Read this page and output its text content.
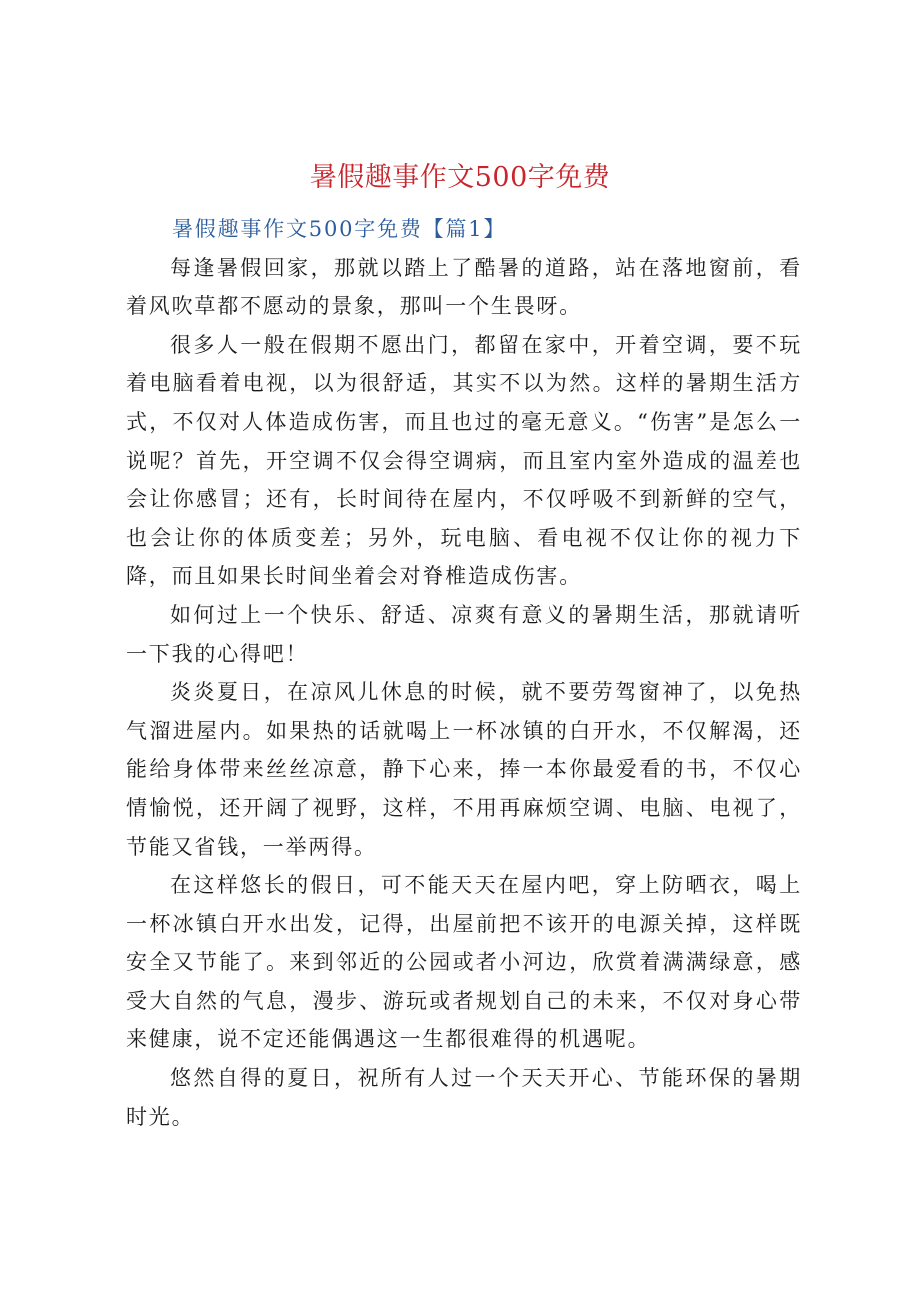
暑假趣事作文500字免费
暑假趣事作文500字免费【篇1】

每逢暑假回家，那就以踏上了酷暑的道路，站在落地窗前，看着风吹草都不愿动的景象，那叫一个生畏呀。

很多人一般在假期不愿出门，都留在家中，开着空调，要不玩着电脑看着电视，以为很舒适，其实不以为然。这样的暑期生活方式，不仅对人体造成伤害，而且也过的毫无意义。“伤害”是怎么一说呢？首先，开空调不仅会得空调病，而且室内室外造成的温差也会让你感冒；还有，长时间待在屋内，不仅呼吸不到新鲜的空气，也会让你的体质变差；另外，玩电脑、看电视不仅让你的视力下降，而且如果长时间坐着会对脊椎造成伤害。

如何过上一个快乐、舒适、凉爽有意义的暑期生活，那就请听一下我的心得吧！

炎炎夏日，在凉风儿休息的时候，就不要劳驾窗神了，以免热气溜进屋内。如果热的话就喝上一杯冰镇的白开水，不仅解渴，还能给身体带来丝丝凉意，静下心来，捧一本你最爱看的书，不仅心情愉悦，还开阔了视野，这样，不用再麻烦空调、电脑、电视了，节能又省钱，一举两得。

在这样悠长的假日，可不能天天在屋内吧，穿上防晒衣，喝上一杯冰镇白开水出发，记得，出屋前把不该开的电源关掉，这样既安全又节能了。来到邻近的公园或者小河边，欣赏着满满绿意，感受大自然的气息，漫步、游玩或者规划自己的未来，不仅对身心带来健康，说不定还能偶遇这一生都很难得的机遇呢。

悠然自得的夏日，祝所有人过一个天天开心、节能环保的暑期时光。
